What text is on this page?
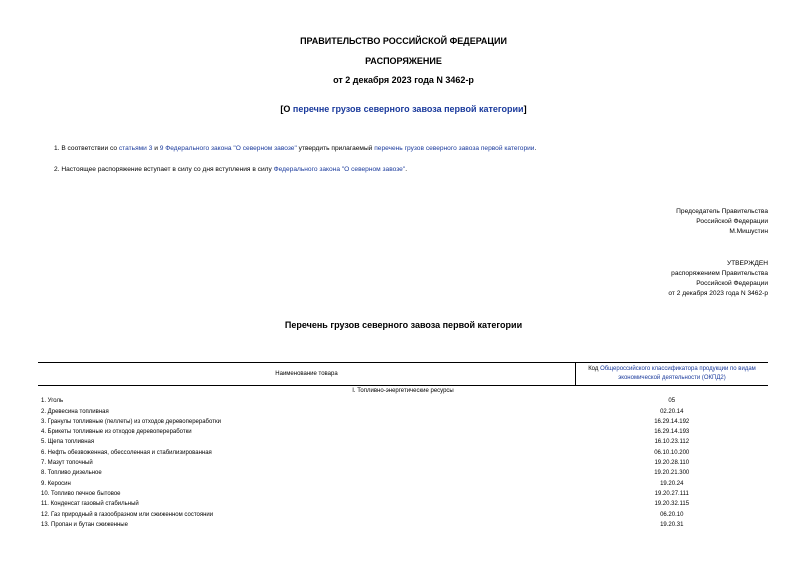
ПРАВИТЕЛЬСТВО РОССИЙСКОЙ ФЕДЕРАЦИИ
РАСПОРЯЖЕНИЕ
от 2 декабря 2023 года N 3462-р
[О перечне грузов северного завоза первой категории]
1. В соответствии со статьями 3 и 9 Федерального закона "О северном завозе" утвердить прилагаемый перечень грузов северного завоза первой категории.
2. Настоящее распоряжение вступает в силу со дня вступления в силу Федерального закона "О северном завозе".
Председатель Правительства
Российской Федерации
М.Мишустин
УТВЕРЖДЕН
распоряжением Правительства
Российской Федерации
от 2 декабря 2023 года N 3462-р
Перечень грузов северного завоза первой категории
Наименование товара	Код Общероссийского классификатора продукции по видам экономической деятельности (ОКПД2)
I. Топливно-энергетические ресурсы	
1. Уголь	05
2. Древесина топливная	02.20.14
3. Гранулы топливные (пеллеты) из отходов деревопереработки	16.29.14.192
4. Брикеты топливные из отходов деревопереработки	16.29.14.193
5. Щепа топливная	16.10.23.112
6. Нефть обезвоженная, обессоленная и стабилизированная	06.10.10.200
7. Мазут топочный	19.20.28.110
8. Топливо дизельное	19.20.21.300
9. Керосин	19.20.24
10. Топливо печное бытовое	19.20.27.111
11. Конденсат газовый стабильный	19.20.32.115
12. Газ природный в газообразном или сжиженном состоянии	06.20.10
13. Пропан и бутан сжиженные	19.20.31
